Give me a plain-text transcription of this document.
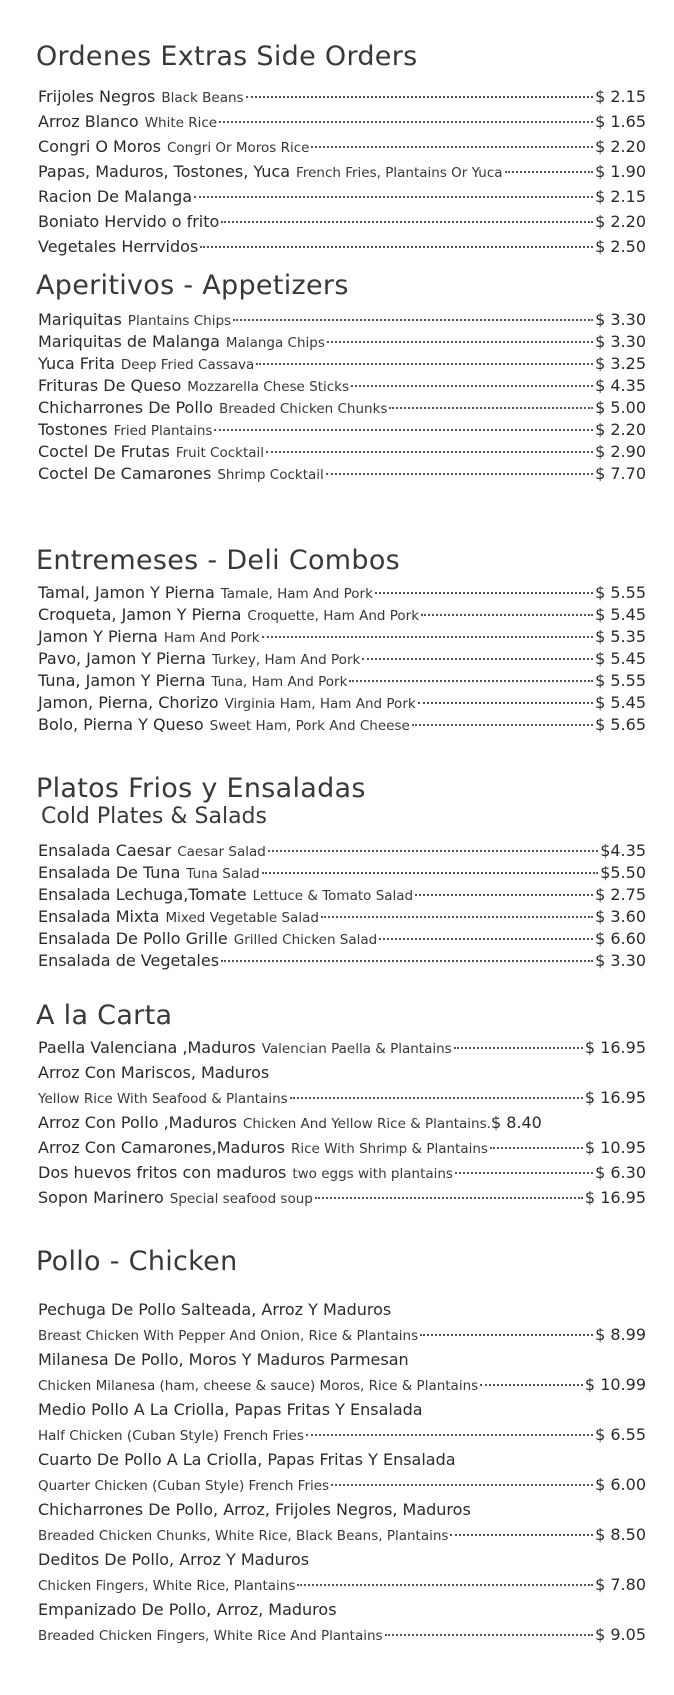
Ordenes Extras Side Orders
Frijoles Negros Black Beans	$ 2.15
Arroz Blanco White Rice	$ 1.65
Congri O Moros Congri Or Moros Rice	$ 2.20
Papas, Maduros, Tostones, Yuca French Fries, Plantains Or Yuca	$ 1.90
Racion De Malanga	$ 2.15
Boniato Hervido o frito	$ 2.20
Vegetales Herrvidos	$ 2.50
Aperitivos - Appetizers
Mariquitas Plantains Chips	$ 3.30
Mariquitas de Malanga Malanga Chips	$ 3.30
Yuca Frita Deep Fried Cassava	$ 3.25
Frituras De Queso Mozzarella Chese Sticks	$ 4.35
Chicharrones De Pollo Breaded Chicken Chunks	$ 5.00
Tostones Fried Plantains	$ 2.20
Coctel De Frutas Fruit Cocktail	$ 2.90
Coctel De Camarones Shrimp Cocktail	$ 7.70
Entremeses - Deli Combos
Tamal, Jamon Y Pierna Tamale, Ham And Pork	$ 5.55
Croqueta, Jamon Y Pierna Croquette, Ham And Pork	$ 5.45
Jamon Y Pierna Ham And Pork	$ 5.35
Pavo, Jamon Y Pierna Turkey, Ham And Pork	$ 5.45
Tuna, Jamon Y Pierna Tuna, Ham And Pork	$ 5.55
Jamon, Pierna, Chorizo Virginia Ham, Ham And Pork	$ 5.45
Bolo, Pierna Y Queso Sweet Ham, Pork And Cheese	$ 5.65
Platos Frios y Ensaladas
Cold Plates & Salads
Ensalada Caesar Caesar Salad	$4.35
Ensalada De Tuna Tuna Salad	$5.50
Ensalada Lechuga,Tomate Lettuce & Tomato Salad	$ 2.75
Ensalada Mixta Mixed Vegetable Salad	$ 3.60
Ensalada De Pollo Grille Grilled Chicken Salad	$ 6.60
Ensalada de Vegetales	$ 3.30
A la Carta
Paella Valenciana ,Maduros Valencian Paella & Plantains	$ 16.95
Arroz Con Mariscos, Maduros
Yellow Rice With Seafood & Plantains	$ 16.95
Arroz Con Pollo ,Maduros Chicken And Yellow Rice & Plantains. $ 8.40
Arroz Con Camarones,Maduros Rice With Shrimp & Plantains	$ 10.95
Dos huevos fritos con maduros two eggs with plantains	$ 6.30
Sopon Marinero Special seafood soup	$ 16.95
Pollo - Chicken
Pechuga De Pollo Salteada, Arroz Y Maduros
Breast Chicken With Pepper And Onion, Rice & Plantains	$ 8.99
Milanesa De Pollo, Moros Y Maduros Parmesan
Chicken Milanesa (ham, cheese & sauce) Moros, Rice & Plantains	$ 10.99
Medio Pollo A La Criolla, Papas Fritas Y Ensalada
Half Chicken (Cuban Style) French Fries	$ 6.55
Cuarto De Pollo A La Criolla, Papas Fritas Y Ensalada
Quarter Chicken (Cuban Style) French Fries	$ 6.00
Chicharrones De Pollo, Arroz, Frijoles Negros, Maduros
Breaded Chicken Chunks, White Rice, Black Beans, Plantains	$ 8.50
Deditos De Pollo, Arroz Y Maduros
Chicken Fingers, White Rice, Plantains	$ 7.80
Empanizado De Pollo, Arroz, Maduros
Breaded Chicken Fingers, White Rice And Plantains	$ 9.05
